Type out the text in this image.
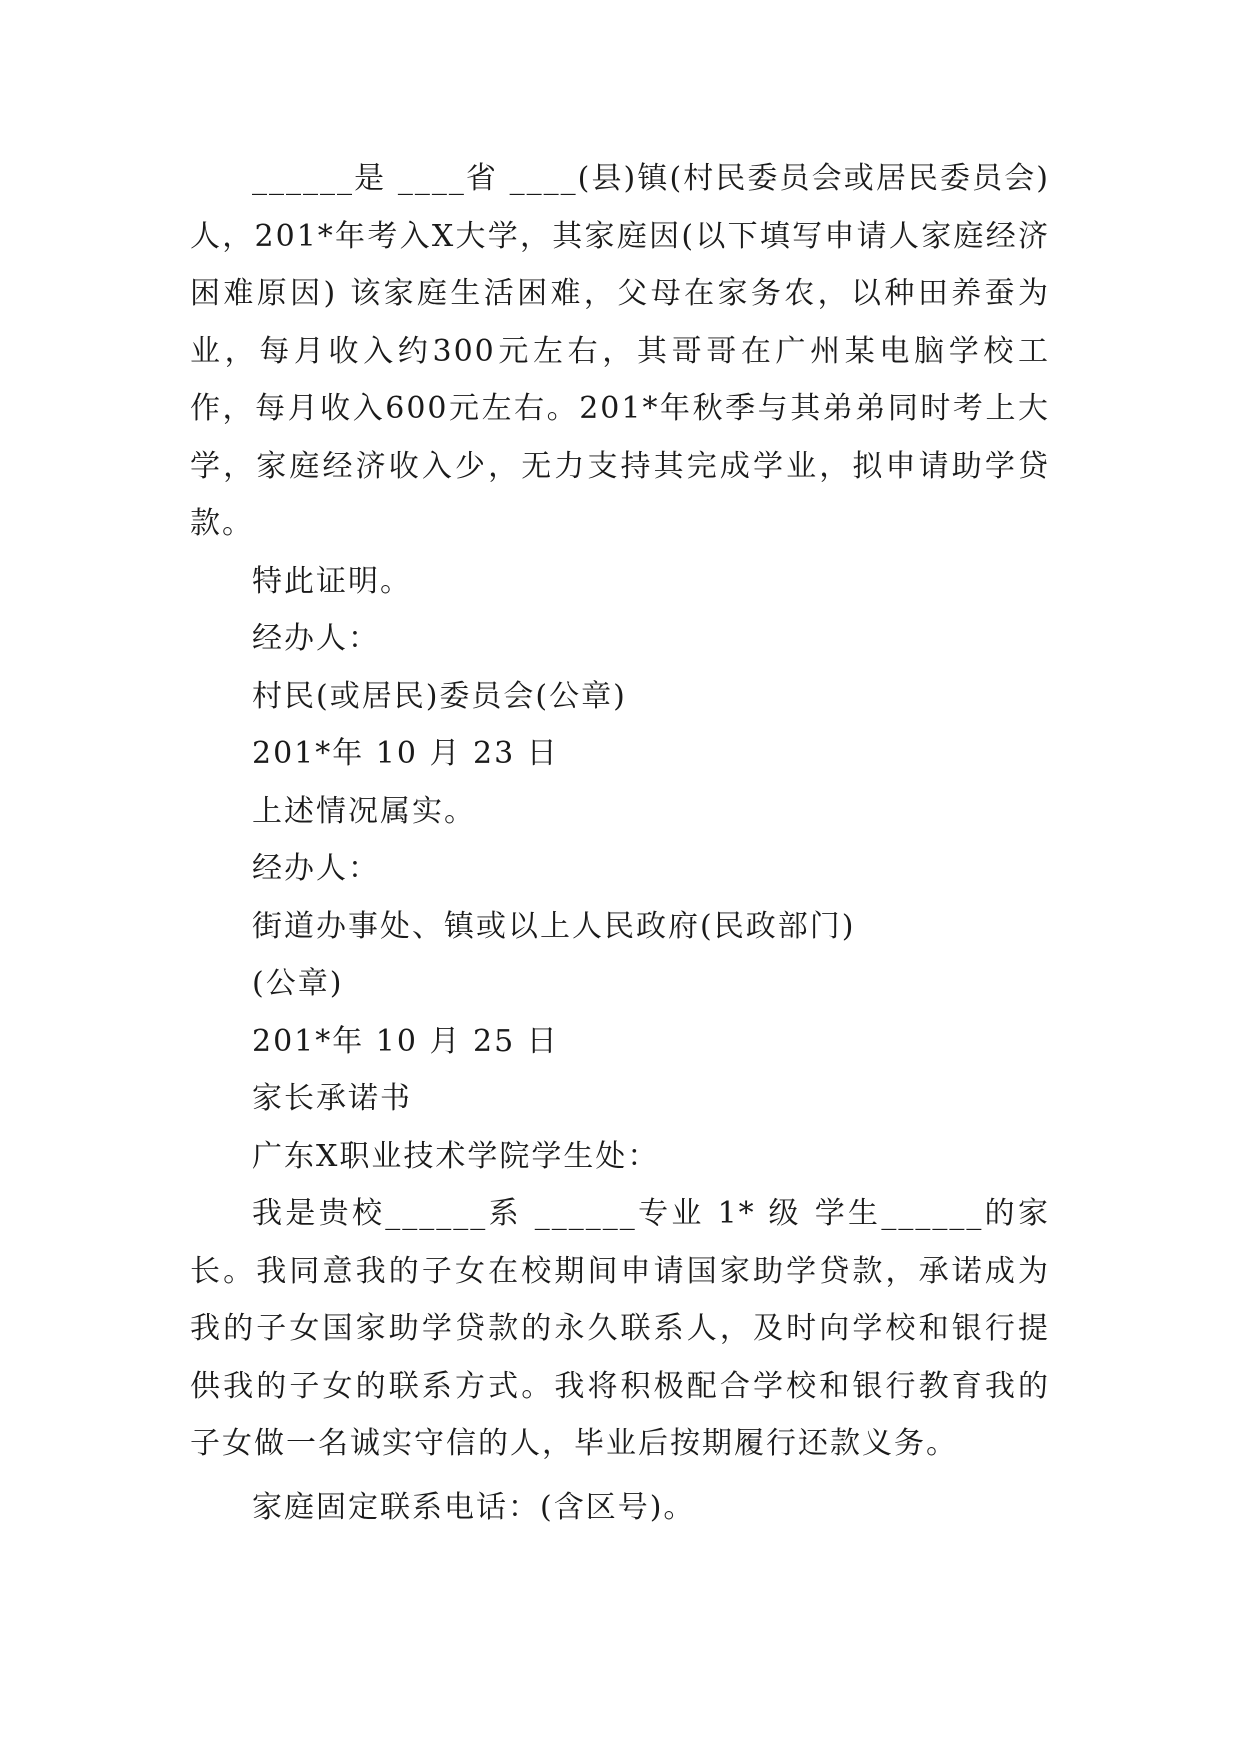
______是 ____省 ____(县)镇(村民委员会或居民委员会)人，201*年考入X大学，其家庭因(以下填写申请人家庭经济困难原因) 该家庭生活困难，父母在家务农，以种田养蚕为业，每月收入约300元左右，其哥哥在广州某电脑学校工作，每月收入600元左右。201*年秋季与其弟弟同时考上大学，家庭经济收入少，无力支持其完成学业，拟申请助学贷款。

特此证明。

经办人：

村民(或居民)委员会(公章)

201*年 10 月 23 日

上述情况属实。

经办人：

街道办事处、镇或以上人民政府(民政部门)

(公章)

201*年 10 月 25 日

家长承诺书

广东X职业技术学院学生处：

我是贵校______系 ______专业 1* 级 学生______的家长。我同意我的子女在校期间申请国家助学贷款，承诺成为我的子女国家助学贷款的永久联系人，及时向学校和银行提供我的子女的联系方式。我将积极配合学校和银行教育我的子女做一名诚实守信的人，毕业后按期履行还款义务。

家庭固定联系电话：(含区号)。
